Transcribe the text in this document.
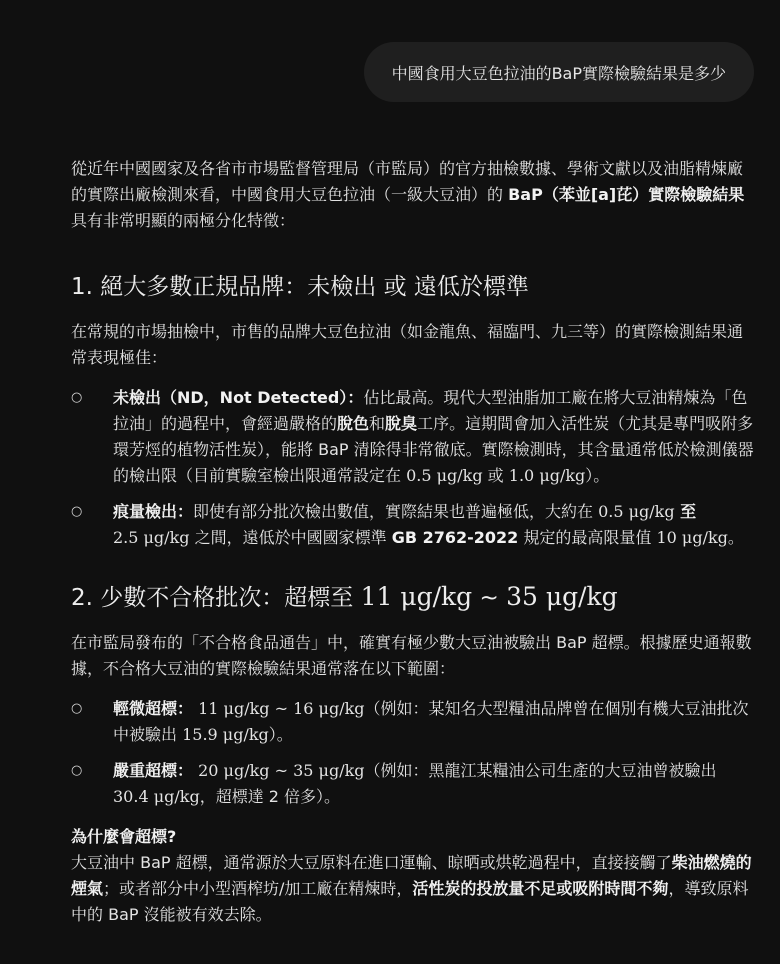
中國食用大豆色拉油的BaP實際檢驗結果是多少

從近年中國國家及各省市市場監督管理局（市監局）的官方抽檢數據、學術文獻以及油脂精煉廠的實際出廠檢測來看，中國食用大豆色拉油（一級大豆油）的 BaP（苯並[a]芘）實際檢驗結果 具有非常明顯的兩極分化特徵：

1. 絕大多數正規品牌：未檢出 或 遠低於標準

在常規的市場抽檢中，市售的品牌大豆色拉油（如金龍魚、福臨門、九三等）的實際檢測結果通常表現極佳：

○ 未檢出（ND，Not Detected）：佔比最高。現代大型油脂加工廠在將大豆油精煉為「色拉油」的過程中，會經過嚴格的脫色和脫臭工序。這期間會加入活性炭（尤其是專門吸附多環芳烴的植物活性炭），能將 BaP 清除得非常徹底。實際檢測時，其含量通常低於檢測儀器的檢出限（目前實驗室檢出限通常設定在 0.5 μg/kg 或 1.0 μg/kg）。
○ 痕量檢出：即使有部分批次檢出數值，實際結果也普遍極低，大約在 0.5 μg/kg 至
2.5 μg/kg 之間，遠低於中國國家標準 GB 2762-2022 規定的最高限量值 10 μg/kg。
2. 少數不合格批次：超標至 11 μg/kg ~ 35 μg/kg

在市監局發布的「不合格食品通告」中，確實有極少數大豆油被驗出 BaP 超標。根據歷史通報數據，不合格大豆油的實際檢驗結果通常落在以下範圍：

○ 輕微超標： 11 μg/kg ~ 16 μg/kg（例如：某知名大型糧油品牌曾在個別有機大豆油批次中被驗出 15.9 μg/kg）。
○ 嚴重超標： 20 μg/kg ~ 35 μg/kg（例如：黑龍江某糧油公司生產的大豆油曾被驗出 30.4 μg/kg，超標達 2 倍多）。

為什麼會超標?

大豆油中 BaP 超標，通常源於大豆原料在進口運輸、晾晒或烘乾過程中，直接接觸了柴油燃燒的煙氣；或者部分中小型酒榨坊/加工廠在精煉時，活性炭的投放量不足或吸附時間不夠，導致原料中的 BaP 沒能被有效去除。
